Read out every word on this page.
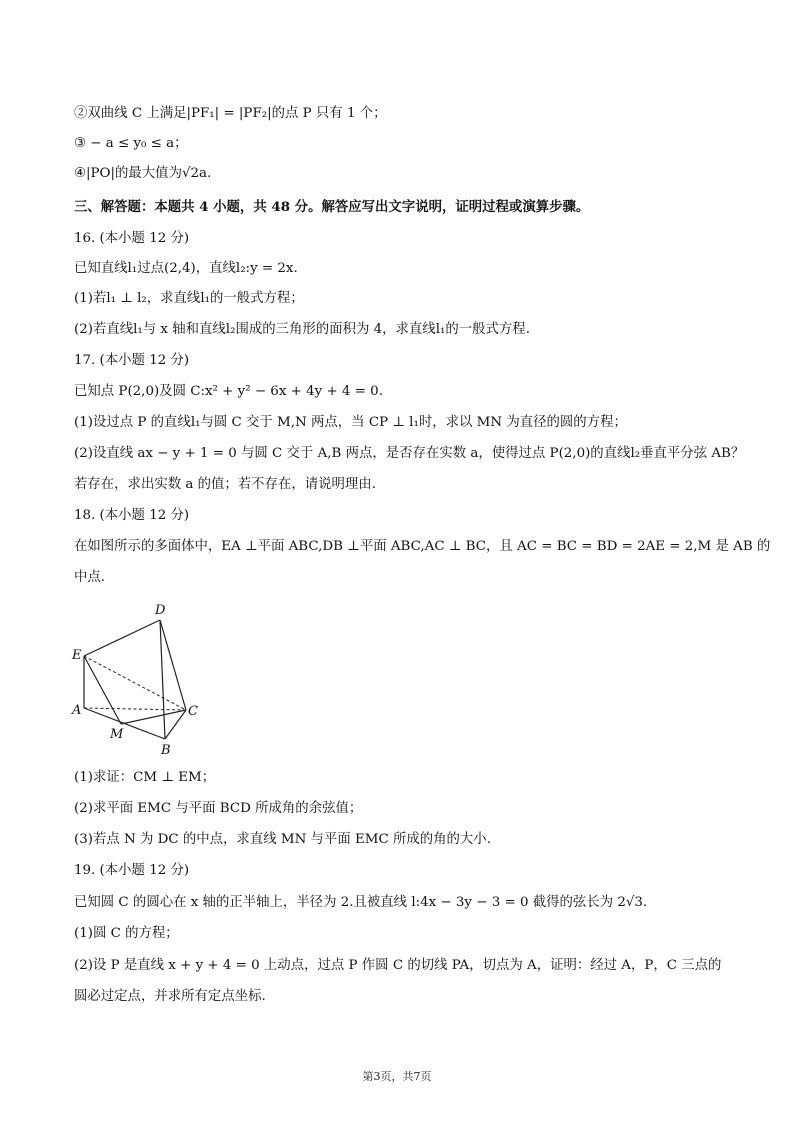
②双曲线 C 上满足|PF₁| = |PF₂|的点 P 只有 1 个；
③ − a ≤ y₀ ≤ a；
④|PO|的最大值为√2a.
三、解答题：本题共 4 小题，共 48 分。解答应写出文字说明，证明过程或演算步骤。
16. (本小题 12 分)
已知直线l₁过点(2,4)，直线l₂:y = 2x.
(1)若l₁ ⊥ l₂，求直线l₁的一般式方程；
(2)若直线l₁与 x 轴和直线l₂围成的三角形的面积为 4，求直线l₁的一般式方程.
17. (本小题 12 分)
已知点 P(2,0)及圆 C:x² + y² − 6x + 4y + 4 = 0.
(1)设过点 P 的直线l₁与圆 C 交于 M,N 两点，当 CP ⊥ l₁时，求以 MN 为直径的圆的方程；
(2)设直线 ax − y + 1 = 0 与圆 C 交于 A,B 两点，是否存在实数 a，使得过点 P(2,0)的直线l₂垂直平分弦 AB？
若存在，求出实数 a 的值；若不存在，请说明理由.
18. (本小题 12 分)
在如图所示的多面体中，EA ⊥平面 ABC,DB ⊥平面 ABC,AC ⊥ BC，且 AC = BC = BD = 2AE = 2,M 是 AB 的
中点.
D
E
A	C
M
B
(1)求证：CM ⊥ EM；
(2)求平面 EMC 与平面 BCD 所成角的余弦值；
(3)若点 N 为 DC 的中点，求直线 MN 与平面 EMC 所成的角的大小.
19. (本小题 12 分)
已知圆 C 的圆心在 x 轴的正半轴上，半径为 2.且被直线 l:4x − 3y − 3 = 0 截得的弦长为 2√3.
(1)圆 C 的方程；
(2)设 P 是直线 x + y + 4 = 0 上动点，过点 P 作圆 C 的切线 PA，切点为 A，证明：经过 A，P，C 三点的
圆必过定点，并求所有定点坐标.
第3页，共7页
